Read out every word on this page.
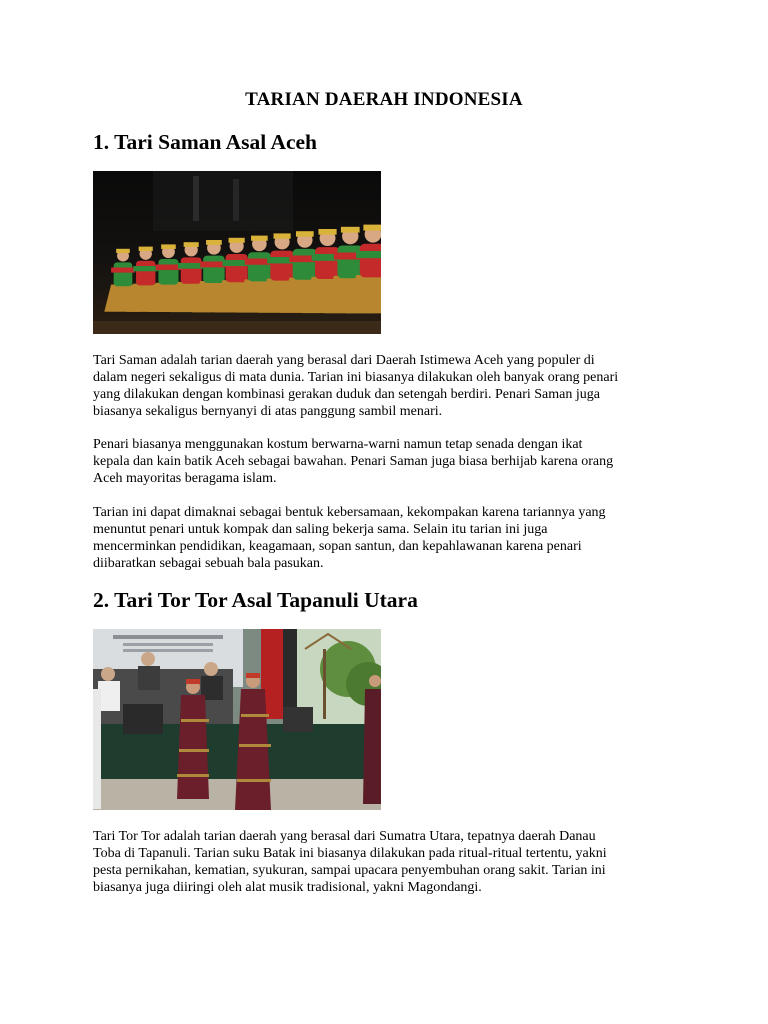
TARIAN DAERAH INDONESIA
1. Tari Saman Asal Aceh

Tari Saman adalah tarian daerah yang berasal dari Daerah Istimewa Aceh yang populer di
dalam negeri sekaligus di mata dunia. Tarian ini biasanya dilakukan oleh banyak orang penari
yang dilakukan dengan kombinasi gerakan duduk dan setengah berdiri. Penari Saman juga
biasanya sekaligus bernyanyi di atas panggung sambil menari.

Penari biasanya menggunakan kostum berwarna-warni namun tetap senada dengan ikat
kepala dan kain batik Aceh sebagai bawahan. Penari Saman juga biasa berhijab karena orang
Aceh mayoritas beragama islam.

Tarian ini dapat dimaknai sebagai bentuk kebersamaan, kekompakan karena tariannya yang
menuntut penari untuk kompak dan saling bekerja sama. Selain itu tarian ini juga
mencerminkan pendidikan, keagamaan, sopan santun, dan kepahlawanan karena penari
diibaratkan sebagai sebuah bala pasukan.

2. Tari Tor Tor Asal Tapanuli Utara

Tari Tor Tor adalah tarian daerah yang berasal dari Sumatra Utara, tepatnya daerah Danau
Toba di Tapanuli. Tarian suku Batak ini biasanya dilakukan pada ritual-ritual tertentu, yakni
pesta pernikahan, kematian, syukuran, sampai upacara penyembuhan orang sakit. Tarian ini
biasanya juga diiringi oleh alat musik tradisional, yakni Magondangi.
